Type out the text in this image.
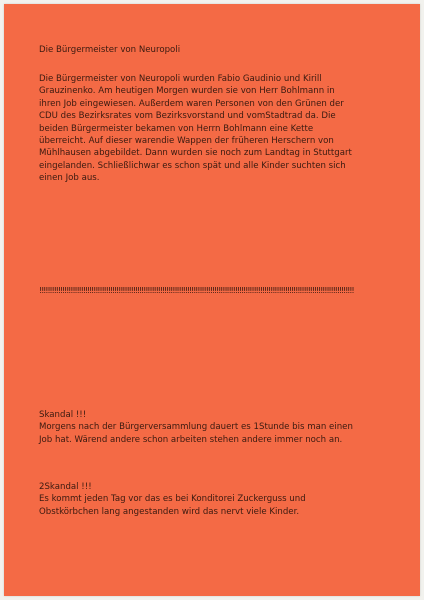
Die Bürgermeister von Neuropoli

Die Bürgermeister von Neuropoli wurden Fabio Gaudinio und Kirill
Grauzinenko. Am heutigen Morgen wurden sie von Herr Bohlmann in
ihren Job eingewiesen. Außerdem waren Personen von den Grünen der
CDU des Bezirksrates vom Bezirksvorstand und vomStadtrad da. Die
beiden Bürgermeister bekamen von Herrn Bohlmann eine Kette
überreicht. Auf dieser warendie Wappen der früheren Herschern von
Mühlhausen abgebildet. Dann wurden sie noch zum Landtag in Stuttgart
eingelanden. Schließlichwar es schon spät und alle Kinder suchten sich
einen Job aus.

!!!!!!!!!!!!!!!!!!!!!!!!!!!!!!!!!!!!!!!!!!!!!!!!!!!!!!!!!!!!!!!!!!!!!!!!!!!!!!!!!!!!!!!!!!!!!!!!!!!!!!!!!!!!!!!!!!!!!!!!!!!!!!!!!!!!!!!!!!!!!!!!!!!!!!!

Skandal !!!
Morgens nach der Bürgerversammlung dauert es 1Stunde bis man einen
Job hat. Wärend andere schon arbeiten stehen andere immer noch an.

2Skandal !!!
Es kommt jeden Tag vor das es bei Konditorei Zuckerguss und
Obstkörbchen lang angestanden wird das nervt viele Kinder.
